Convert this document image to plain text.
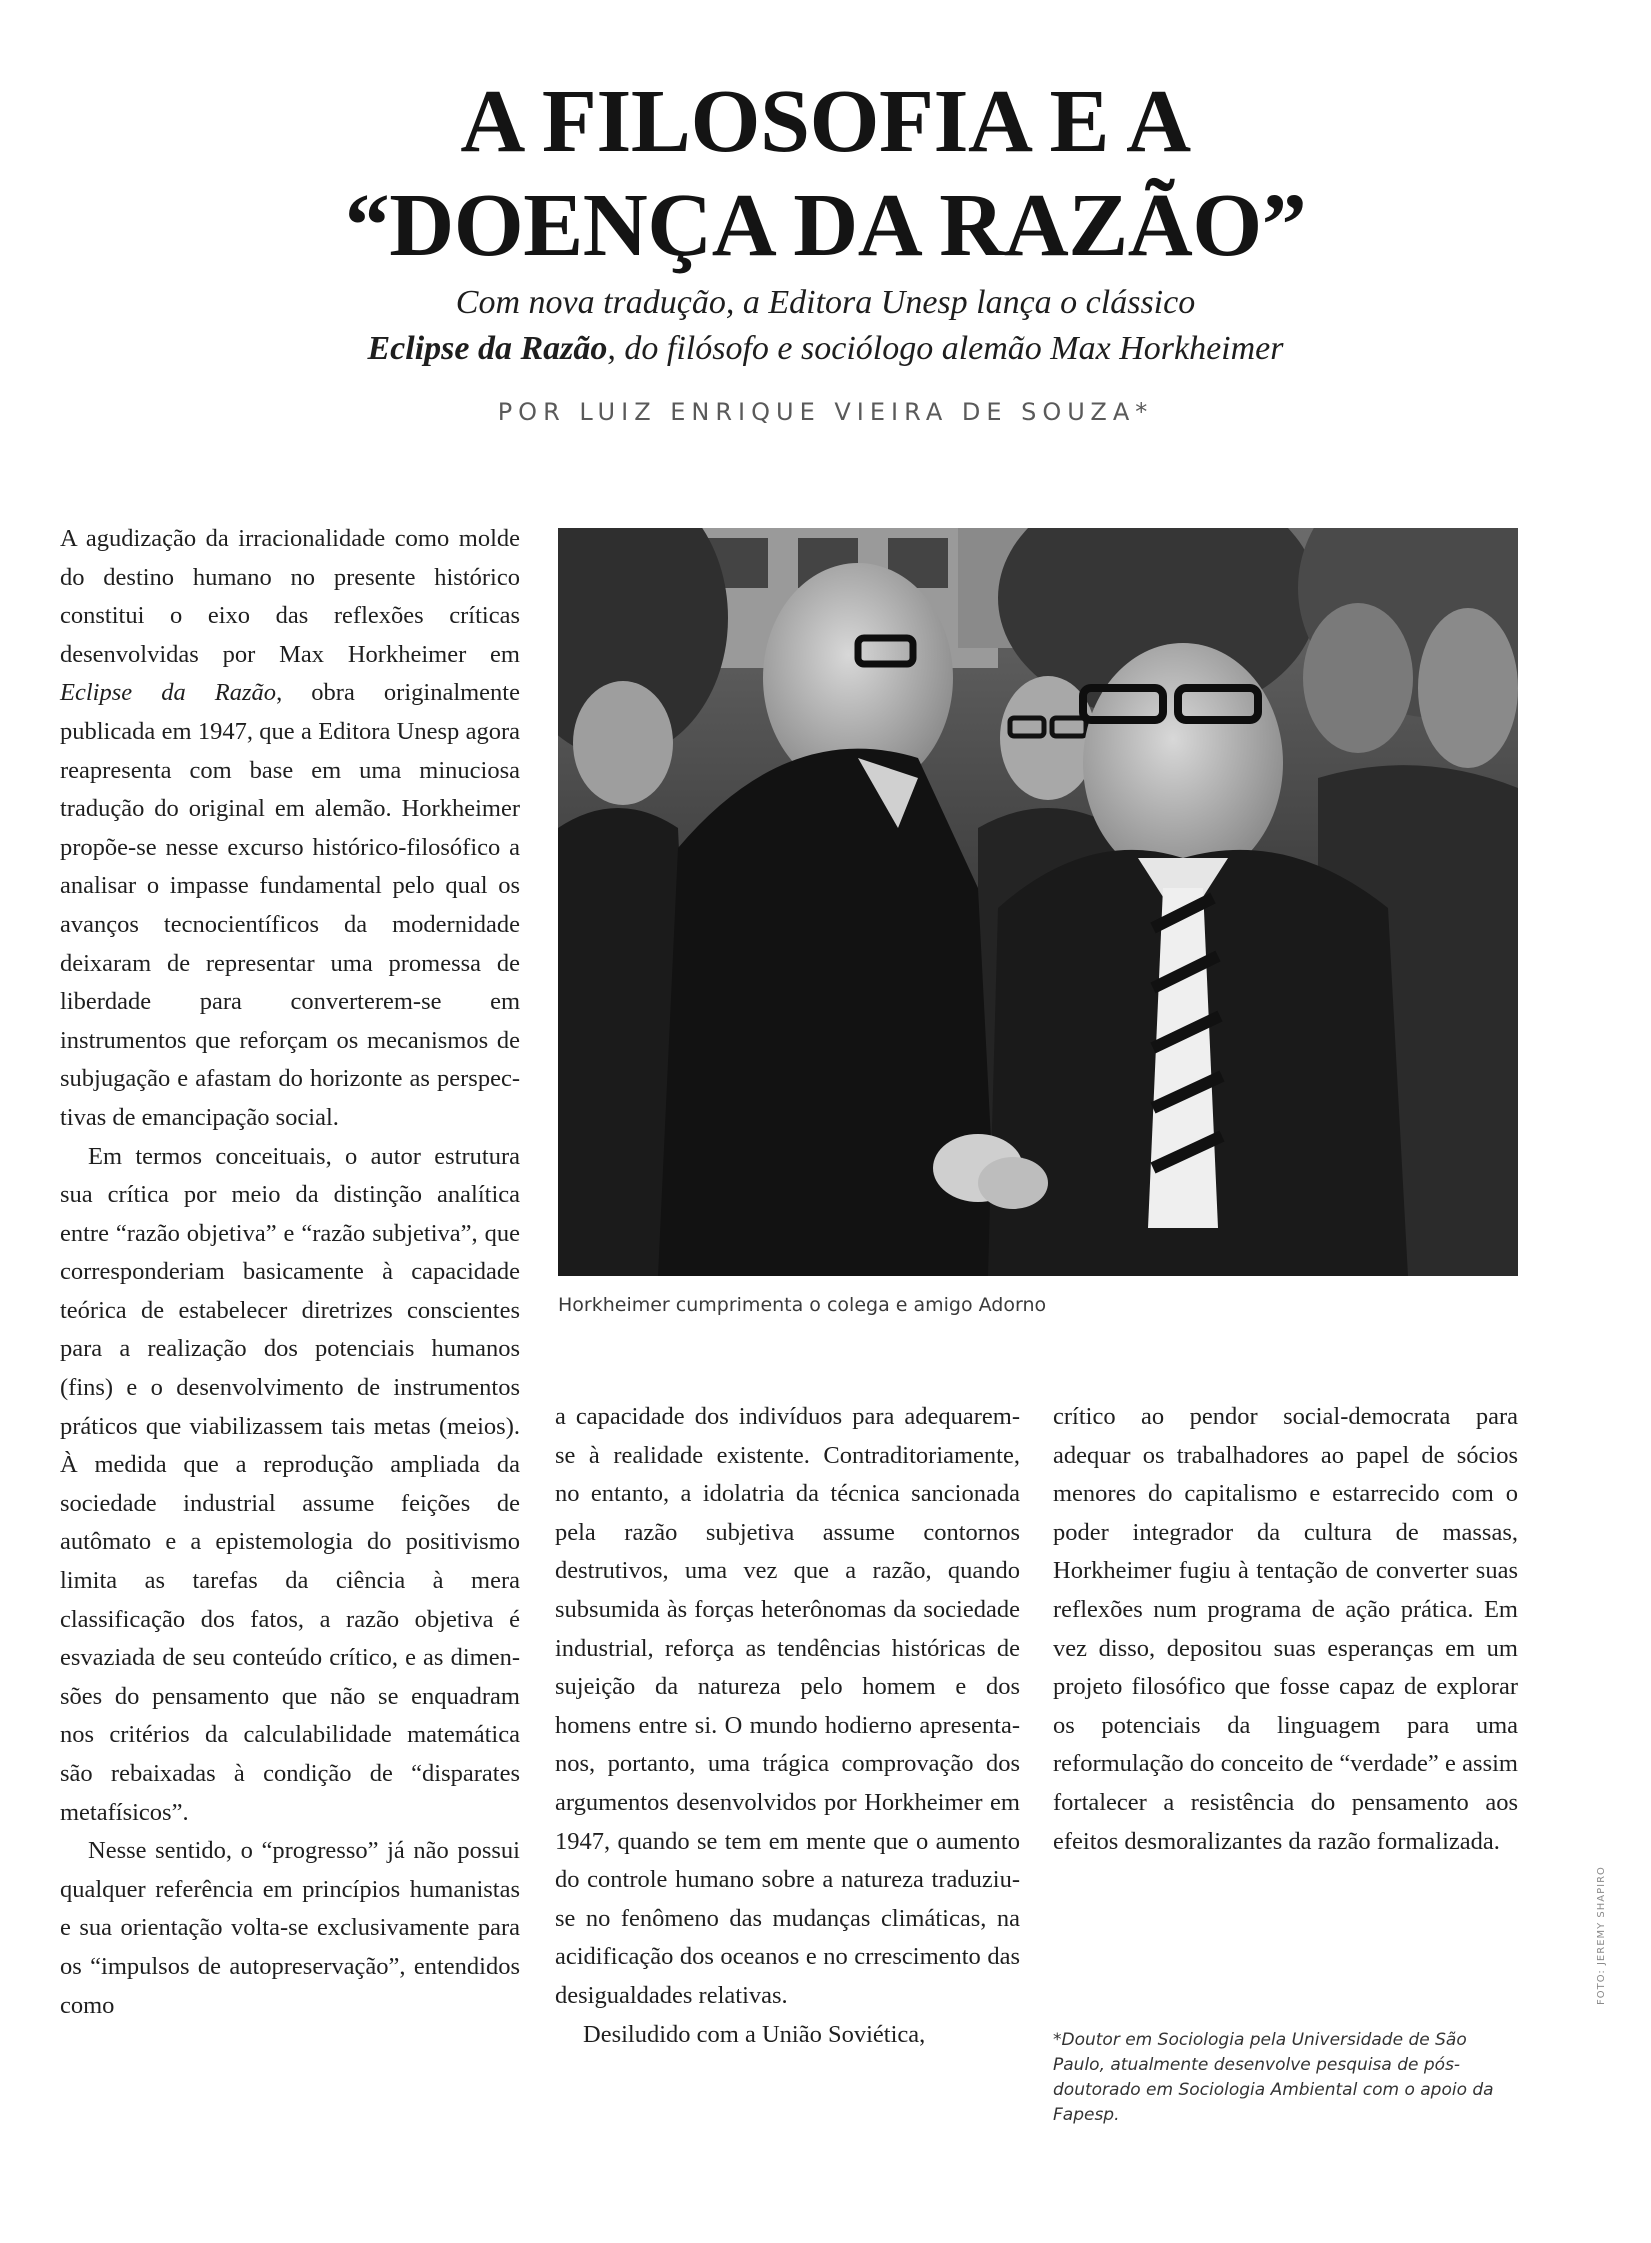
A FILOSOFIA E A
“DOENÇA DA RAZÃO”
Com nova tradução, a Editora Unesp lança o clássico
Eclipse da Razão, do filósofo e sociólogo alemão Max Horkheimer
POR LUIZ ENRIQUE VIEIRA DE SOUZA*

A agudização da irracionalidade como molde do destino humano no presente histórico constitui o eixo das reflexões críticas desenvolvidas por Max Horkheimer em Eclipse da Razão, obra originalmente publicada em 1947, que a Editora Unesp agora reapresenta com base em uma minuciosa tradução do original em alemão. Horkheimer propõe-se nesse excurso histórico-filosófico a analisar o impasse fundamental pelo qual os avanços tecnocientíficos da modernidade deixaram de representar uma promessa de liberdade para converterem-se em instrumentos que reforçam os mecanismos de subjugação e afastam do horizonte as perspectivas de emancipação social.

Em termos conceituais, o autor estrutura sua crítica por meio da distinção analítica entre “razão objetiva” e “razão subjetiva”, que corresponderiam basicamente à capacidade teórica de estabelecer diretrizes conscientes para a realização dos potenciais humanos (fins) e o desenvolvimento de instrumentos práticos que viabilizassem tais metas (meios). À medida que a reprodução ampliada da sociedade industrial assume feições de autômato e a epistemologia do positivismo limita as tarefas da ciência à mera classificação dos fatos, a razão objetiva é esvaziada de seu conteúdo crítico, e as dimensões do pensamento que não se enquadram nos critérios da calculabilidade matemática são rebaixadas à condição de “disparates metafísicos”.

Nesse sentido, o “progresso” já não possui qualquer referência em princípios humanistas e sua orientação volta-se exclusivamente para os “impulsos de autopreservação”, entendidos como

Horkheimer cumprimenta o colega e amigo Adorno

a capacidade dos indivíduos para adequarem-se à realidade existente. Contraditoriamente, no entanto, a idolatria da técnica sancionada pela razão subjetiva assume contornos destrutivos, uma vez que a razão, quando subsumida às forças heterônomas da sociedade industrial, reforça as tendências históricas de sujeição da natureza pelo homem e dos homens entre si. O mundo hodierno apresenta-nos, portanto, uma trágica comprovação dos argumentos desenvolvidos por Horkheimer em 1947, quando se tem em mente que o aumento do controle humano sobre a natureza traduziu-se no fenômeno das mudanças climáticas, na acidificação dos oceanos e no crrescimento das desigualdades relativas.

Desiludido com a União Soviética,

crítico ao pendor social-democrata para adequar os trabalhadores ao papel de sócios menores do capitalismo e estarrecido com o poder integrador da cultura de massas, Horkheimer fugiu à tentação de converter suas reflexões num programa de ação prática. Em vez disso, depositou suas esperanças em um projeto filosófico que fosse capaz de explorar os potenciais da linguagem para uma reformulação do conceito de “verdade” e assim fortalecer a resistência do pensamento aos efeitos desmoralizantes da razão formalizada.

*Doutor em Sociologia pela Universidade de São Paulo, atualmente desenvolve pesquisa de pós-doutorado em Sociologia Ambiental com o apoio da Fapesp.
FOTO: JEREMY SHAPIRO
